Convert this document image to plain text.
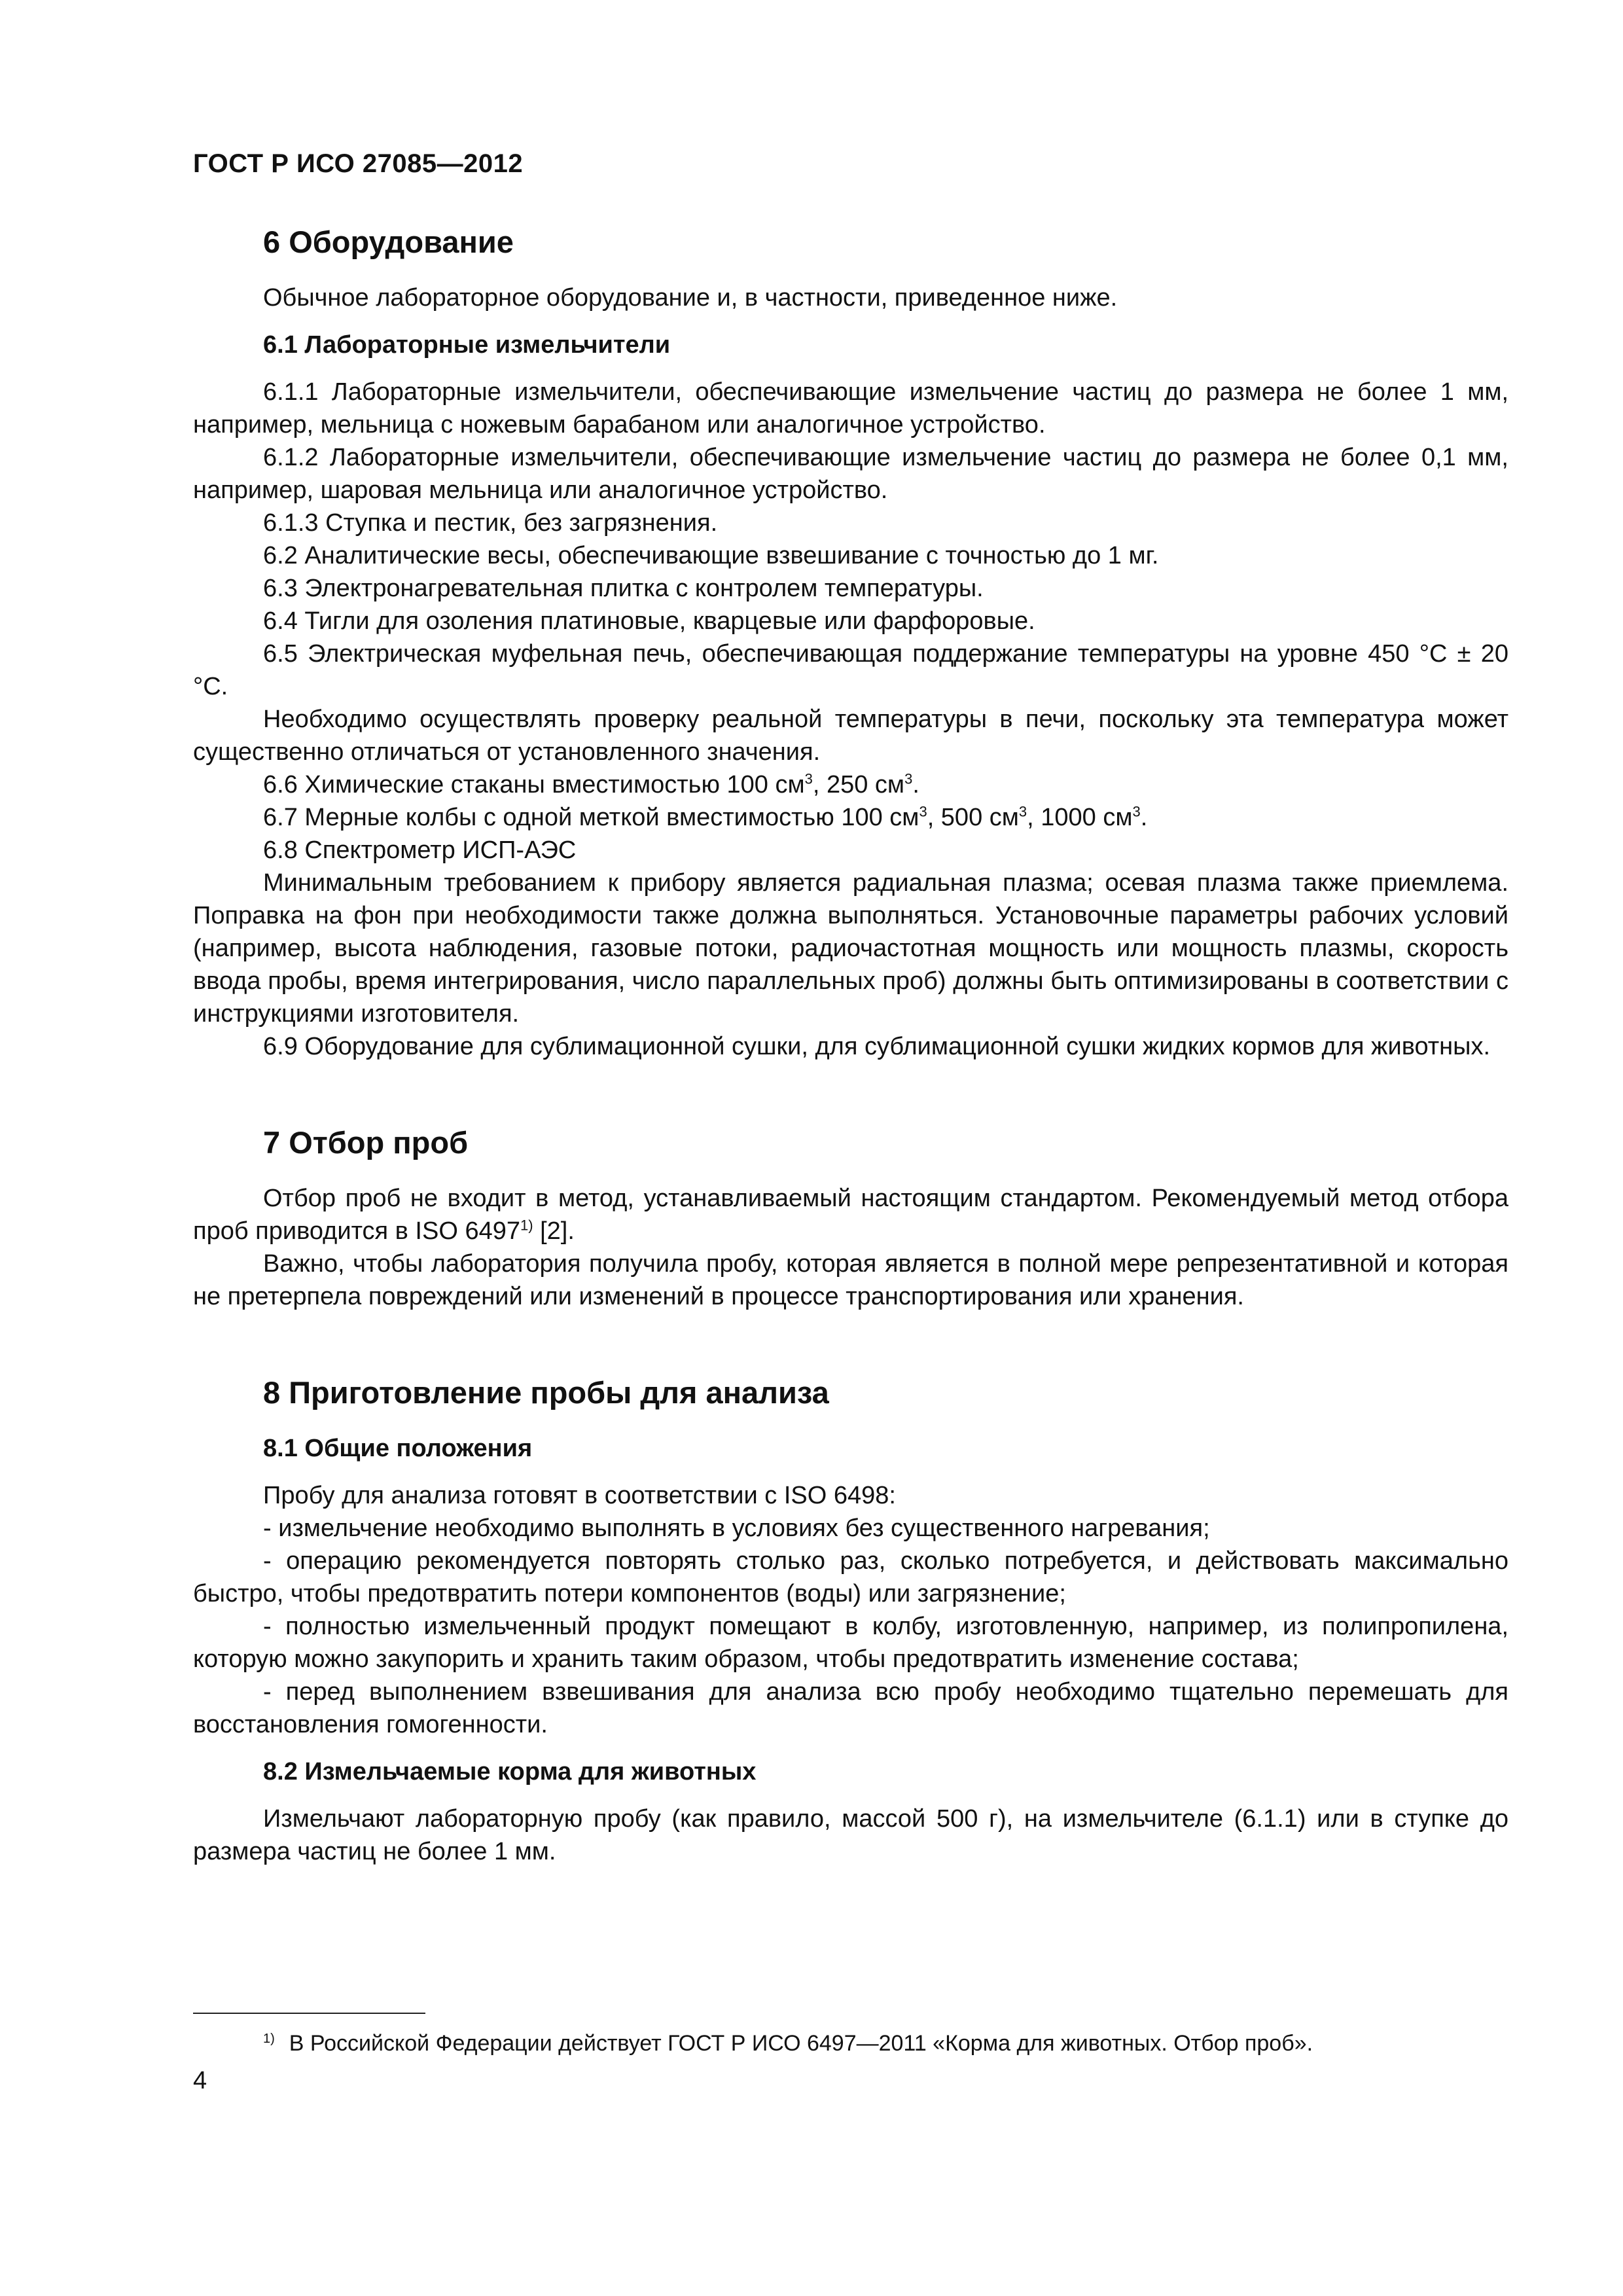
ГОСТ Р ИСО 27085—2012
6 Оборудование

Обычное лабораторное оборудование и, в частности, приведенное ниже.

6.1 Лабораторные измельчители

6.1.1 Лабораторные измельчители, обеспечивающие измельчение частиц до размера не более 1 мм, например, мельница с ножевым барабаном или аналогичное устройство.

6.1.2 Лабораторные измельчители, обеспечивающие измельчение частиц до размера не более 0,1 мм, например, шаровая мельница или аналогичное устройство.

6.1.3 Ступка и пестик, без загрязнения.

6.2 Аналитические весы, обеспечивающие взвешивание с точностью до 1 мг.

6.3 Электронагревательная плитка с контролем температуры.

6.4 Тигли для озоления платиновые, кварцевые или фарфоровые.

6.5 Электрическая муфельная печь, обеспечивающая поддержание температуры на уровне 450 °С ± 20 °С.

Необходимо осуществлять проверку реальной температуры в печи, поскольку эта температура может существенно отличаться от установленного значения.

6.6 Химические стаканы вместимостью 100 $см^3$, 250 $см^3$.

6.7 Мерные колбы с одной меткой вместимостью 100 $см^3$, 500 $см^3$, 1000 $см^3$.

6.8 Спектрометр ИСП-АЭС

Минимальным требованием к прибору является радиальная плазма; осевая плазма также приемлема. Поправка на фон при необходимости также должна выполняться. Установочные параметры рабочих условий (например, высота наблюдения, газовые потоки, радиочастотная мощность или мощность плазмы, скорость ввода пробы, время интегрирования, число параллельных проб) должны быть оптимизированы в соответствии с инструкциями изготовителя.

6.9 Оборудование для сублимационной сушки, для сублимационной сушки жидких кормов для животных.

7 Отбор проб

Отбор проб не входит в метод, устанавливаемый настоящим стандартом. Рекомендуемый метод отбора проб приводится в ISO 6497$^{1)}$ [2].

Важно, чтобы лаборатория получила пробу, которая является в полной мере репрезентативной и которая не претерпела повреждений или изменений в процессе транспортирования или хранения.

8 Приготовление пробы для анализа
8.1 Общие положения

Пробу для анализа готовят в соответствии с ISO 6498:

- измельчение необходимо выполнять в условиях без существенного нагревания;

- операцию рекомендуется повторять столько раз, сколько потребуется, и действовать максимально быстро, чтобы предотвратить потери компонентов (воды) или загрязнение;

- полностью измельченный продукт помещают в колбу, изготовленную, например, из полипропилена, которую можно закупорить и хранить таким образом, чтобы предотвратить изменение состава;

- перед выполнением взвешивания для анализа всю пробу необходимо тщательно перемешать для восстановления гомогенности.

8.2 Измельчаемые корма для животных

Измельчают лабораторную пробу (как правило, массой 500 г), на измельчителе (6.1.1) или в ступке до размера частиц не более 1 мм.

$^{1)}$ В Российской Федерации действует ГОСТ Р ИСО 6497—2011 «Корма для животных. Отбор проб».
4
